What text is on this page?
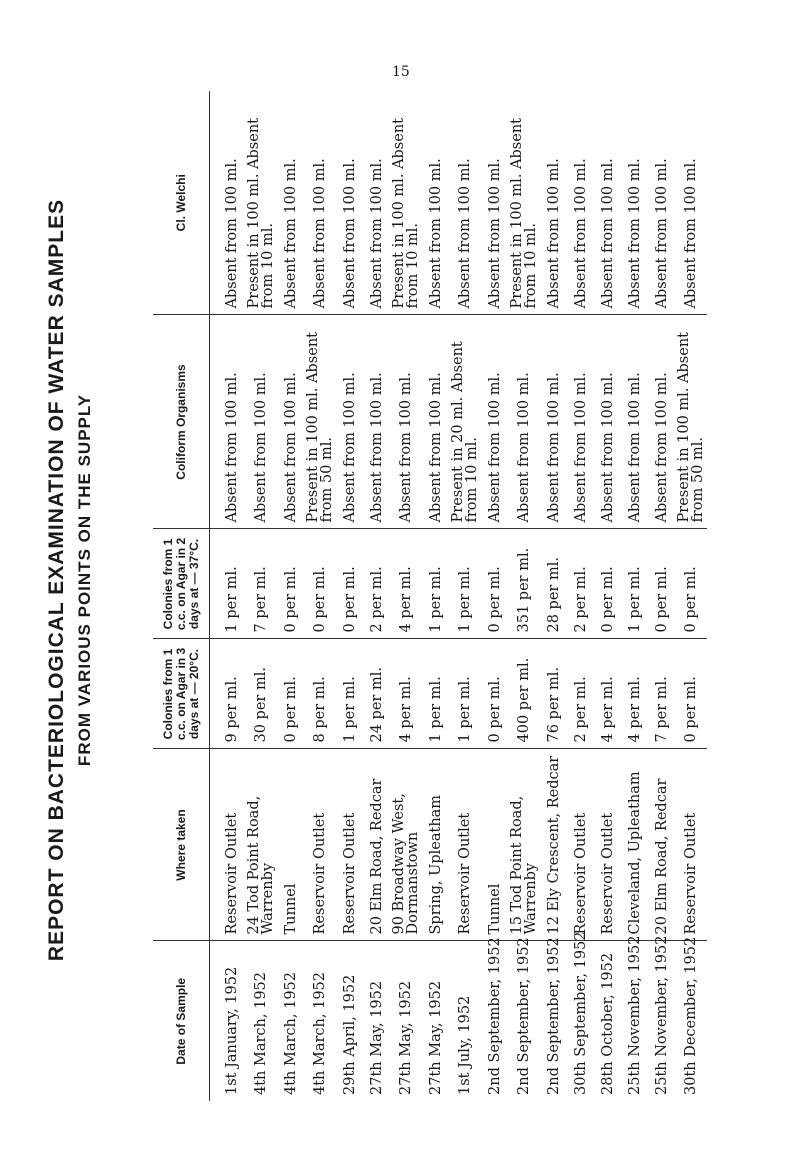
15
REPORT ON BACTERIOLOGICAL EXAMINATION OF WATER SAMPLES FROM VARIOUS POINTS ON THE SUPPLY
Date of Sample	Where taken	Colonies from 1 c.c. on Agar in 3 days at — 20°C.	Colonies from 1 c.c. on Agar in 2 days at — 37°C.	Coliform Organisms	Cl. Welchi

1st January, 1952	Reservoir Outlet	9 per ml.	1 per ml.	Absent from 100 ml.	Absent from 100 ml.
4th March, 1952	24 Tod Point Road, Warrenby	30 per ml.	7 per ml.	Absent from 100 ml.	Present in 100 ml. Absent from 10 ml.
4th March, 1952	Tunnel	0 per ml.	0 per ml.	Absent from 100 ml.	Absent from 100 ml.
4th March, 1952	Reservoir Outlet	8 per ml.	0 per ml.	Present in 100 ml. Absent from 50 ml.	Absent from 100 ml.
29th April, 1952	Reservoir Outlet	1 per ml.	0 per ml.	Absent from 100 ml.	Absent from 100 ml.
27th May, 1952	20 Elm Road, Redcar	24 per ml.	2 per ml.	Absent from 100 ml.	Absent from 100 ml.
27th May, 1952	90 Broadway West, Dormanstown	4 per ml.	4 per ml.	Absent from 100 ml.	Present in 100 ml. Absent from 10 ml.
27th May, 1952	Spring, Upleatham	1 per ml.	1 per ml.	Absent from 100 ml.	Absent from 100 ml.
1st July, 1952	Reservoir Outlet	1 per ml.	1 per ml.	Present in 20 ml. Absent from 10 ml.	Absent from 100 ml.
2nd September, 1952	Tunnel	0 per ml.	0 per ml.	Absent from 100 ml.	Absent from 100 ml.
2nd September, 1952	15 Tod Point Road, Warrenby	400 per ml.	351 per ml.	Absent from 100 ml.	Present in 100 ml. Absent from 10 ml.
2nd September, 1952	12 Ely Crescent, Redcar	76 per ml.	28 per ml.	Absent from 100 ml.	Absent from 100 ml.
30th September, 1952	Reservoir Outlet	2 per ml.	2 per ml.	Absent from 100 ml.	Absent from 100 ml.
28th October, 1952	Reservoir Outlet	4 per ml.	0 per ml.	Absent from 100 ml.	Absent from 100 ml.
25th November, 1952	Cleveland, Upleatham	4 per ml.	1 per ml.	Absent from 100 ml.	Absent from 100 ml.
25th November, 1952	20 Elm Road, Redcar	7 per ml.	0 per ml.	Absent from 100 ml.	Absent from 100 ml.
30th December, 1952	Reservoir Outlet	0 per ml.	0 per ml.	Present in 100 ml. Absent from 50 ml.	Absent from 100 ml.
